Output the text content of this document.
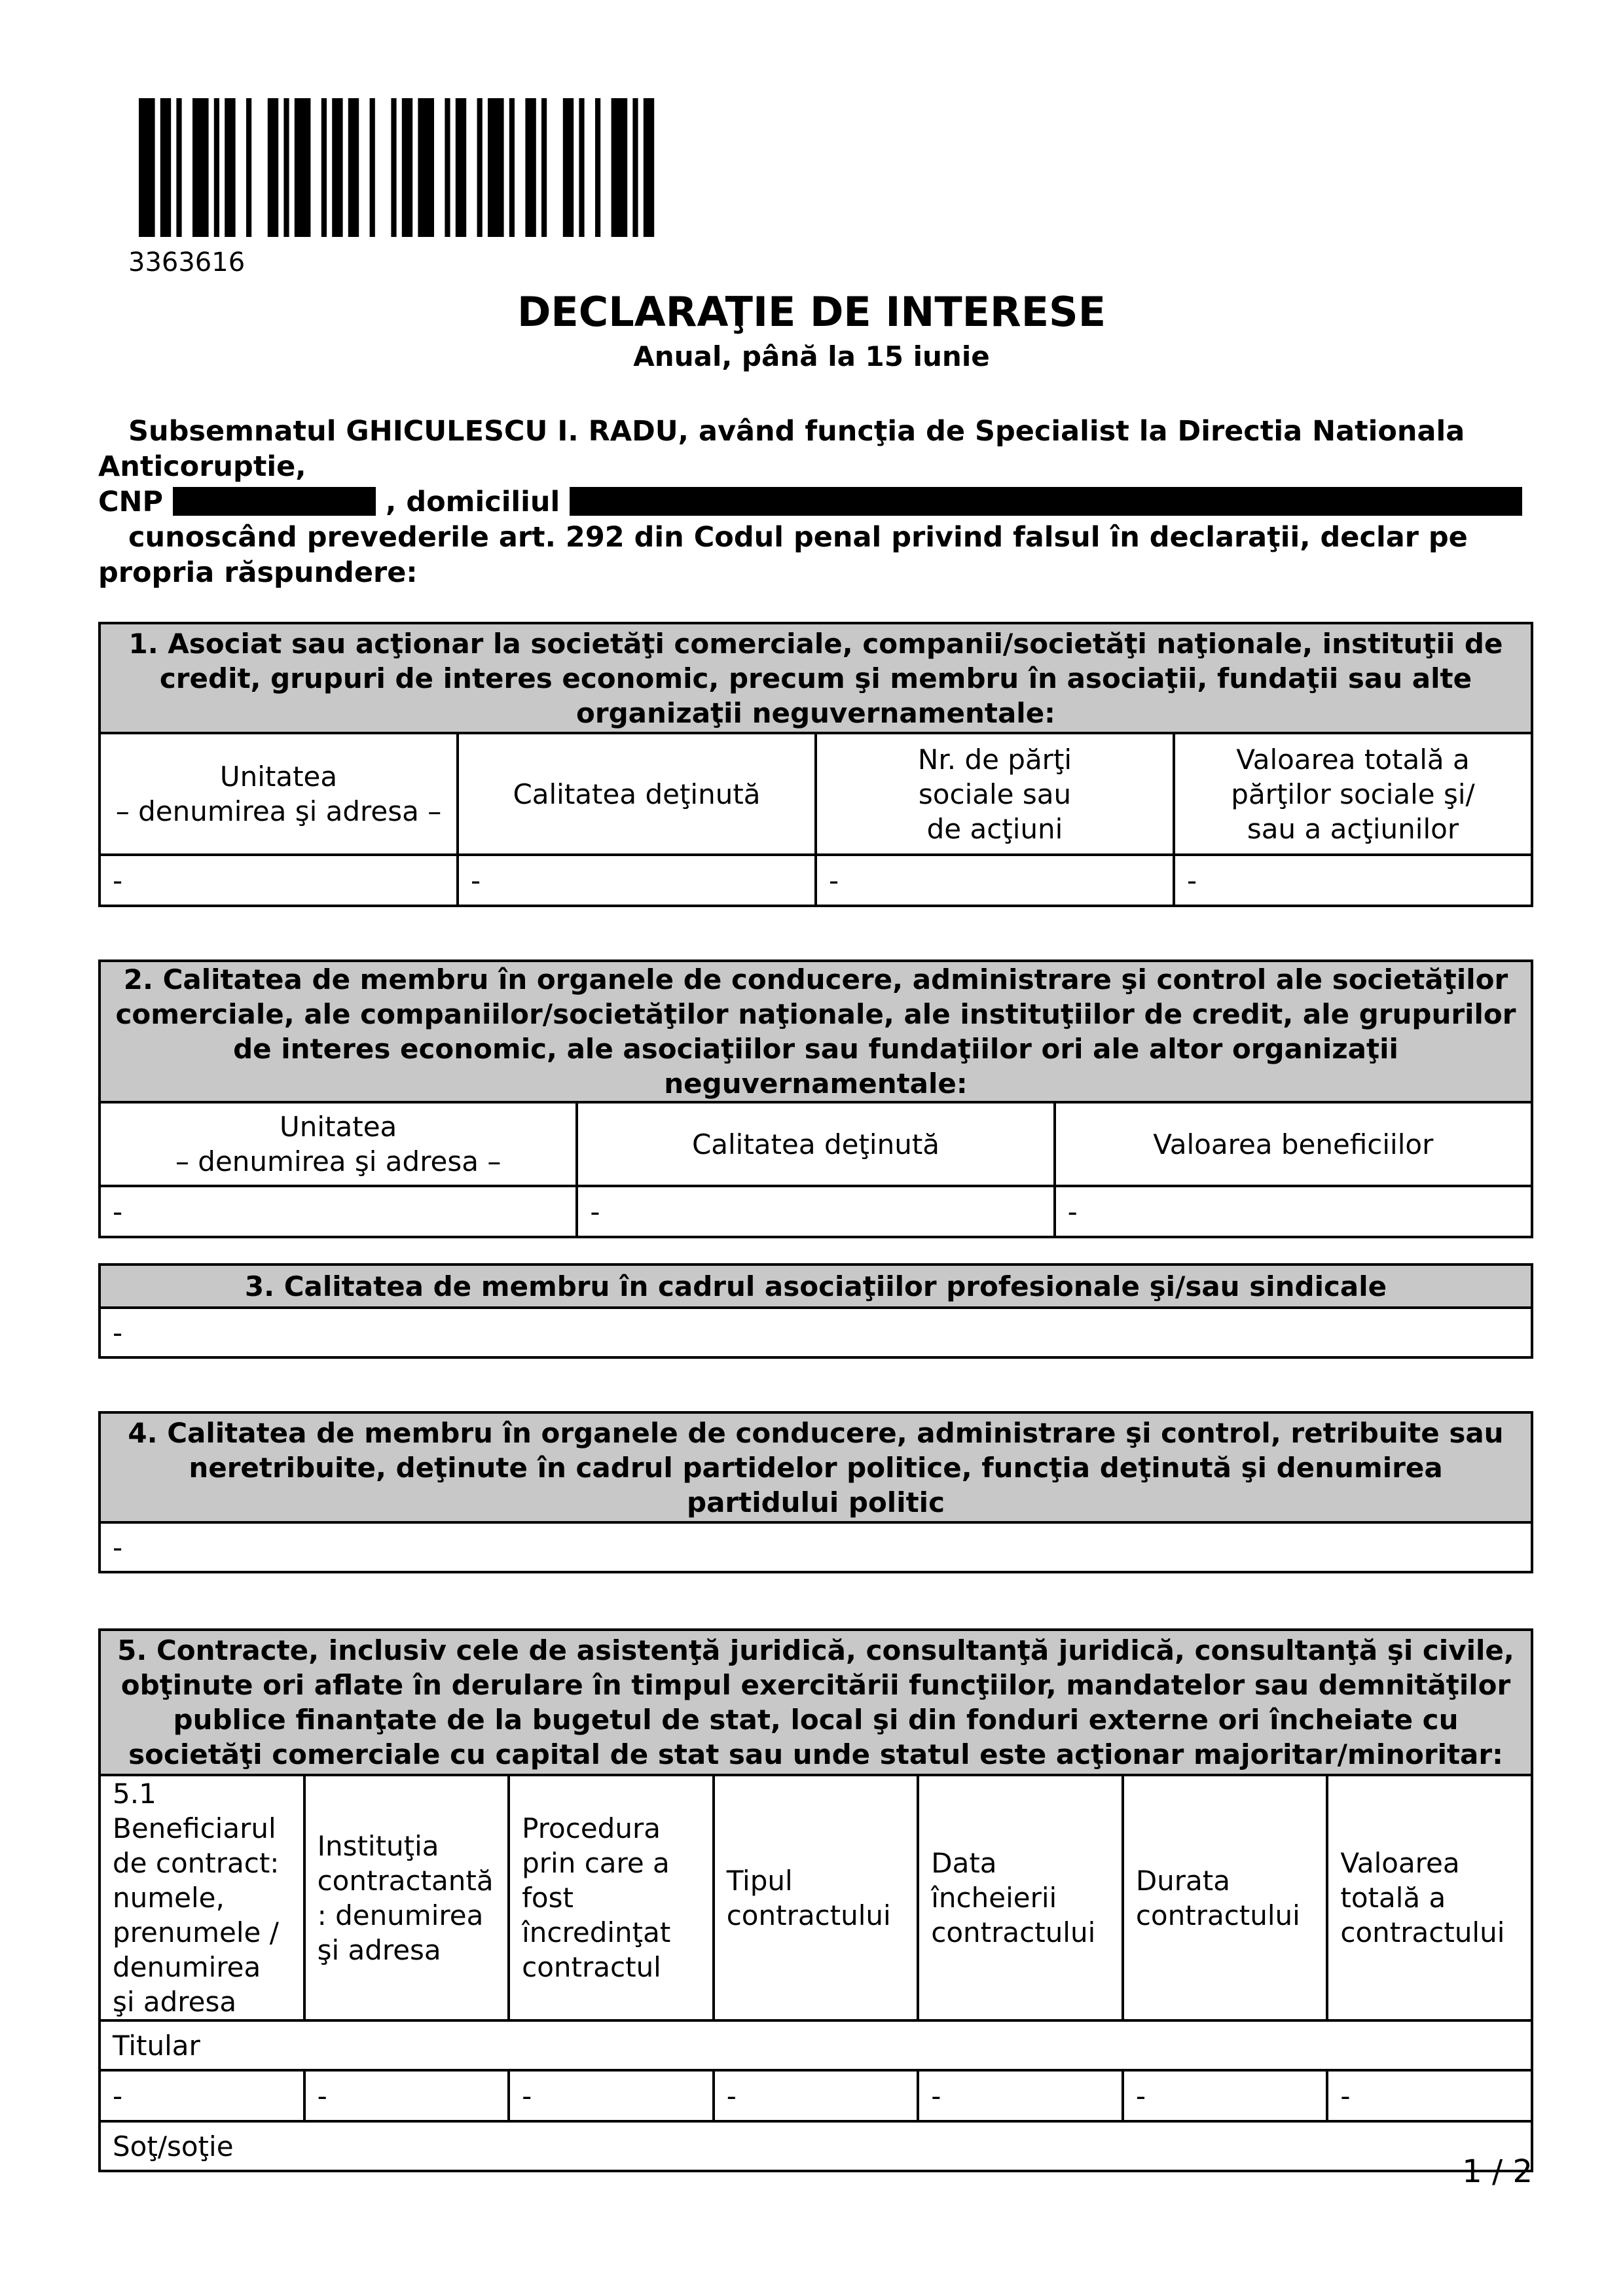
3363616
DECLARAŢIE DE INTERESE
Anual, până la 15 iunie

Subsemnatul GHICULESCU I. RADU, având funcţia de Specialist la Directia Nationala Anticoruptie,

CNP	, domiciliul

cunoscând prevederile art. 292 din Codul penal privind falsul în declaraţii, declar pe propria răspundere:

1. Asociat sau acţionar la societăţi comerciale, companii/societăţi naţionale, instituţii de credit, grupuri de interes economic, precum şi membru în asociaţii, fundaţii sau alte organizaţii neguvernamentale:			
Unitatea
– denumirea şi adresa –	Calitatea deţinută	Nr. de părţi
sociale sau
de acţiuni	Valoarea totală a
părţilor sociale şi/
sau a acţiunilor
-	-	-	-
2. Calitatea de membru în organele de conducere, administrare şi control ale societăţilor comerciale, ale companiilor/societăţilor naţionale, ale instituţiilor de credit, ale grupurilor de interes economic, ale asociaţiilor sau fundaţiilor ori ale altor organizaţii neguvernamentale:		
Unitatea
– denumirea şi adresa –	Calitatea deţinută	Valoarea beneficiilor
-	-	-
3. Calitatea de membru în cadrul asociaţiilor profesionale şi/sau sindicale
-
4. Calitatea de membru în organele de conducere, administrare şi control, retribuite sau neretribuite, deţinute în cadrul partidelor politice, funcţia deţinută şi denumirea partidului politic
-
5. Contracte, inclusiv cele de asistenţă juridică, consultanţă juridică, consultanţă şi civile, obţinute ori aflate în derulare în timpul exercitării funcţiilor, mandatelor sau demnităţilor publice finanţate de la bugetul de stat, local şi din fonduri externe ori încheiate cu societăţi comerciale cu capital de stat sau unde statul este acţionar majoritar/minoritar:						
5.1 Beneficiarul de contract: numele, prenumele / denumirea şi adresa	Instituţia contractantă : denumirea şi adresa	Procedura prin care a fost încredinţat contractul	Tipul contractului	Data încheierii contractului	Durata contractului	Valoarea totală a contractului
Titular						
-	-	-	-	-	-	-
Soţ/soţie						
1 / 2
